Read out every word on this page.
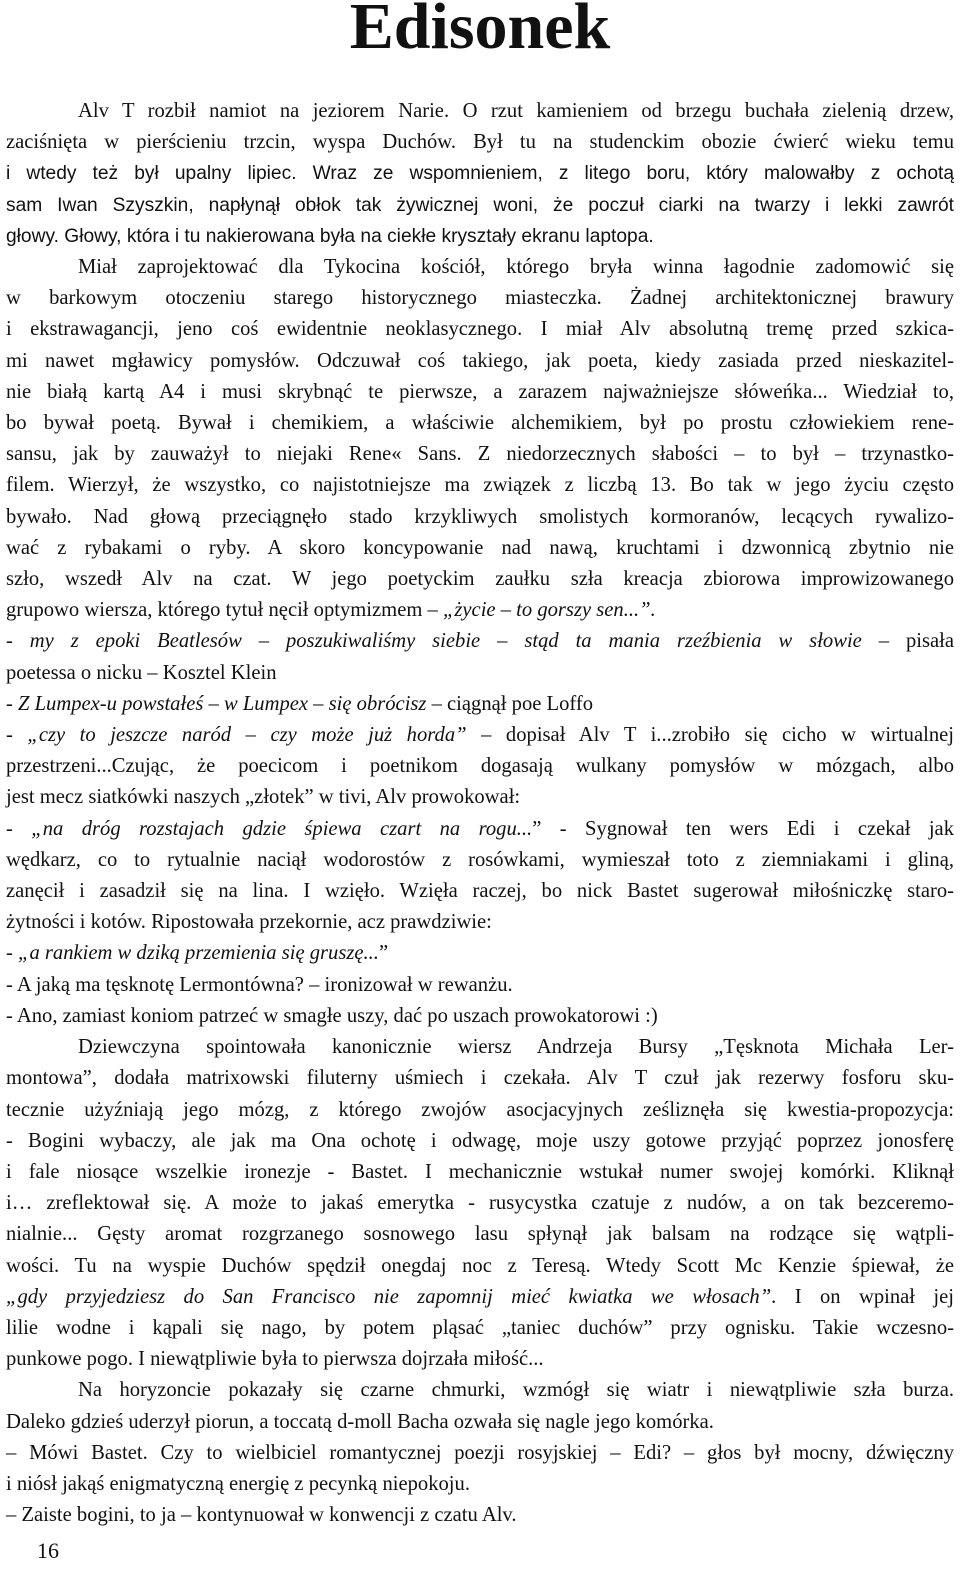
Edisonek

Alv T rozbił namiot na jeziorem Narie. O rzut kamieniem od brzegu buchała zielenią drzew,
zaciśnięta w pierścieniu trzcin, wyspa Duchów. Był tu na studenckim obozie ćwierć wieku temu
i wtedy też był upalny lipiec. Wraz ze wspomnieniem, z litego boru, który malowałby z ochotą
sam Iwan Szyszkin, napłynął obłok tak żywicznej woni, że poczuł ciarki na twarzy i lekki zawrót
głowy. Głowy, która i tu nakierowana była na ciekłe kryształy ekranu laptopa.

Miał zaprojektować dla Tykocina kościół, którego bryła winna łagodnie zadomowić się
w barkowym otoczeniu starego historycznego miasteczka. Żadnej architektonicznej brawury
i ekstrawagancji, jeno coś ewidentnie neoklasycznego. I miał Alv absolutną tremę przed szkica-
mi nawet mgławicy pomysłów. Odczuwał coś takiego, jak poeta, kiedy zasiada przed nieskazitel-
nie białą kartą A4 i musi skrybnąć te pierwsze, a zarazem najważniejsze słóweńka... Wiedział to,
bo bywał poetą. Bywał i chemikiem, a właściwie alchemikiem, był po prostu człowiekiem rene-
sansu, jak by zauważył to niejaki Rene« Sans. Z niedorzecznych słabości – to był – trzynastko-
filem. Wierzył, że wszystko, co najistotniejsze ma związek z liczbą 13. Bo tak w jego życiu często
bywało. Nad głową przeciągnęło stado krzykliwych smolistych kormoranów, lecących rywalizo-
wać z rybakami o ryby. A skoro koncypowanie nad nawą, kruchtami i dzwonnicą zbytnio nie
szło, wszedł Alv na czat. W jego poetyckim zaułku szła kreacja zbiorowa improwizowanego
grupowo wiersza, którego tytuł nęcił optymizmem – „życie – to gorszy sen...”.
- my z epoki Beatlesów – poszukiwaliśmy siebie – stąd ta mania rzeźbienia w słowie – pisała
poetessa o nicku – Kosztel Klein
- Z Lumpex-u powstałeś – w Lumpex – się obrócisz – ciągnął poe Loffo
- „czy to jeszcze naród – czy może już horda” – dopisał Alv T i...zrobiło się cicho w wirtualnej
przestrzeni...Czując, że poecicom i poetnikom dogasają wulkany pomysłów w mózgach, albo
jest mecz siatkówki naszych „złotek” w tivi, Alv prowokował:
- „na dróg rozstajach gdzie śpiewa czart na rogu...” - Sygnował ten wers Edi i czekał jak
wędkarz, co to rytualnie naciął wodorostów z rosówkami, wymieszał toto z ziemniakami i gliną,
zanęcił i zasadził się na lina. I wzięło. Wzięła raczej, bo nick Bastet sugerował miłośniczkę staro-
żytności i kotów. Ripostowała przekornie, acz prawdziwie:
- „a rankiem w dziką przemienia się gruszę...”
- A jaką ma tęsknotę Lermontówna? – ironizował w rewanżu.
- Ano, zamiast koniom patrzeć w smagłe uszy, dać po uszach prowokatorowi :)

Dziewczyna spointowała kanonicznie wiersz Andrzeja Bursy „Tęsknota Michała Ler-
montowa”, dodała matrixowski filuterny uśmiech i czekała. Alv T czuł jak rezerwy fosforu sku-
tecznie użyźniają jego mózg, z którego zwojów asocjacyjnych ześliznęła się kwestia-propozycja:
- Bogini wybaczy, ale jak ma Ona ochotę i odwagę, moje uszy gotowe przyjąć poprzez jonosferę
i fale niosące wszelkie ironezje - Bastet. I mechanicznie wstukał numer swojej komórki. Kliknął
i… zreflektował się. A może to jakaś emerytka - rusycystka czatuje z nudów, a on tak bezcеremo-
nialnie... Gęsty aromat rozgrzanego sosnowego lasu spłynął jak balsam na rodzące się wątpli-
wości. Tu na wyspie Duchów spędził onegdaj noc z Teresą. Wtedy Scott Mc Kenzie śpiewał, że
„gdy przyjedziesz do San Francisco nie zapomnij mieć kwiatka we włosach”. I on wpinał jej
lilie wodne i kąpali się nago, by potem pląsać „taniec duchów” przy ognisku. Takie wczesno-
punkowe pogo. I niewątpliwie była to pierwsza dojrzała miłość...

Na horyzoncie pokazały się czarne chmurki, wzmógł się wiatr i niewątpliwie szła burza.
Daleko gdzieś uderzył piorun, a toccatą d-moll Bacha ozwała się nagle jego komórka.
– Mówi Bastet. Czy to wielbiciel romantycznej poezji rosyjskiej – Edi? – głos był mocny, dźwięczny
i niósł jakąś enigmatyczną energię z pecynką niepokoju.
– Zaiste bogini, to ja – kontynuował w konwencji z czatu Alv.

16
